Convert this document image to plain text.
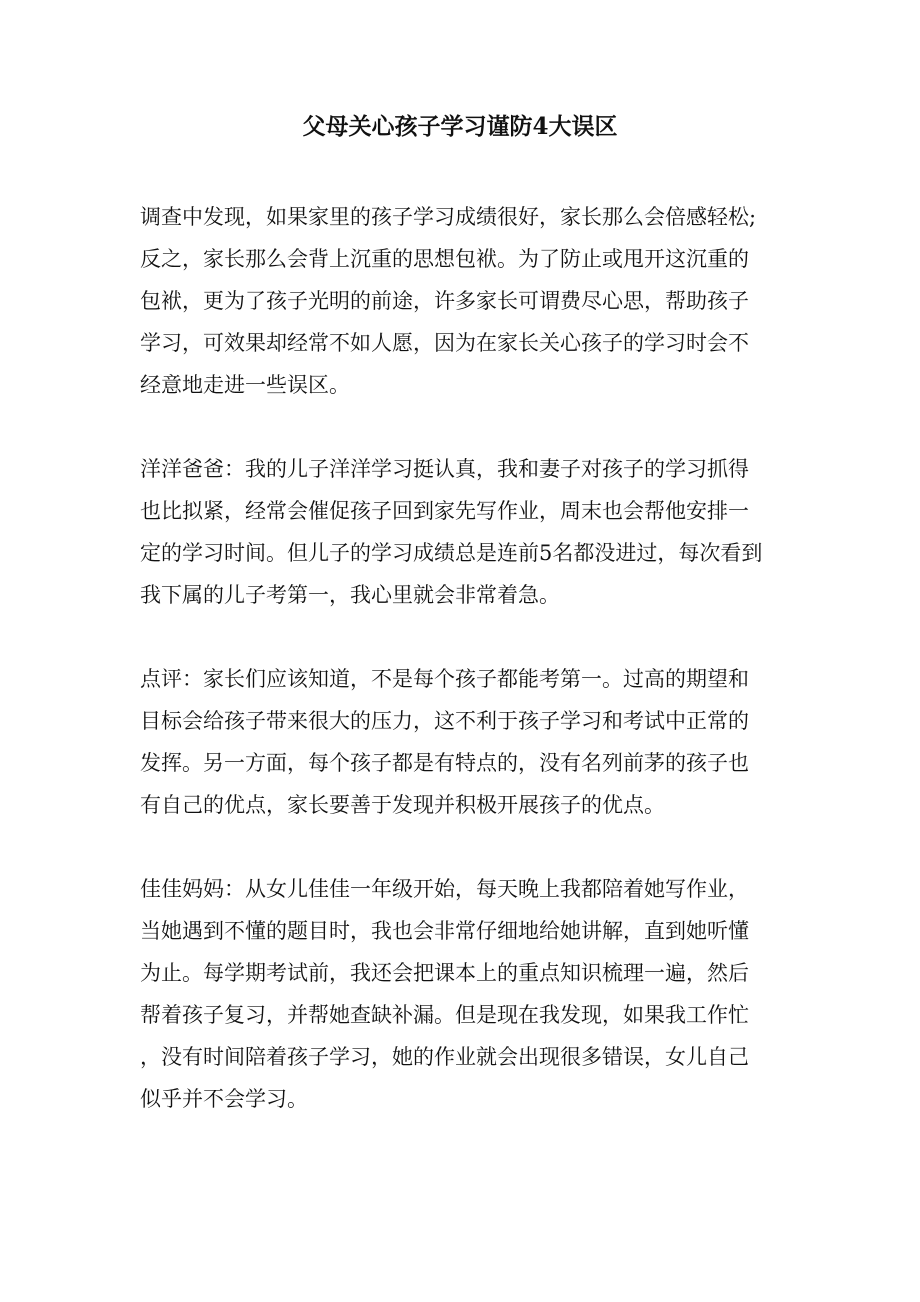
父母关心孩子学习谨防4大误区
调查中发现，如果家里的孩子学习成绩很好，家长那么会倍感轻松;
反之，家长那么会背上沉重的思想包袱。为了防止或甩开这沉重的
包袱，更为了孩子光明的前途，许多家长可谓费尽心思，帮助孩子
学习，可效果却经常不如人愿，因为在家长关心孩子的学习时会不
经意地走进一些误区。
洋洋爸爸：我的儿子洋洋学习挺认真，我和妻子对孩子的学习抓得
也比拟紧，经常会催促孩子回到家先写作业，周末也会帮他安排一
定的学习时间。但儿子的学习成绩总是连前5名都没进过，每次看到
我下属的儿子考第一，我心里就会非常着急。
点评：家长们应该知道，不是每个孩子都能考第一。过高的期望和
目标会给孩子带来很大的压力，这不利于孩子学习和考试中正常的
发挥。另一方面，每个孩子都是有特点的，没有名列前茅的孩子也
有自己的优点，家长要善于发现并积极开展孩子的优点。
佳佳妈妈：从女儿佳佳一年级开始，每天晚上我都陪着她写作业，
当她遇到不懂的题目时，我也会非常仔细地给她讲解，直到她听懂
为止。每学期考试前，我还会把课本上的重点知识梳理一遍，然后
帮着孩子复习，并帮她查缺补漏。但是现在我发现，如果我工作忙
，没有时间陪着孩子学习，她的作业就会出现很多错误，女儿自己
似乎并不会学习。
